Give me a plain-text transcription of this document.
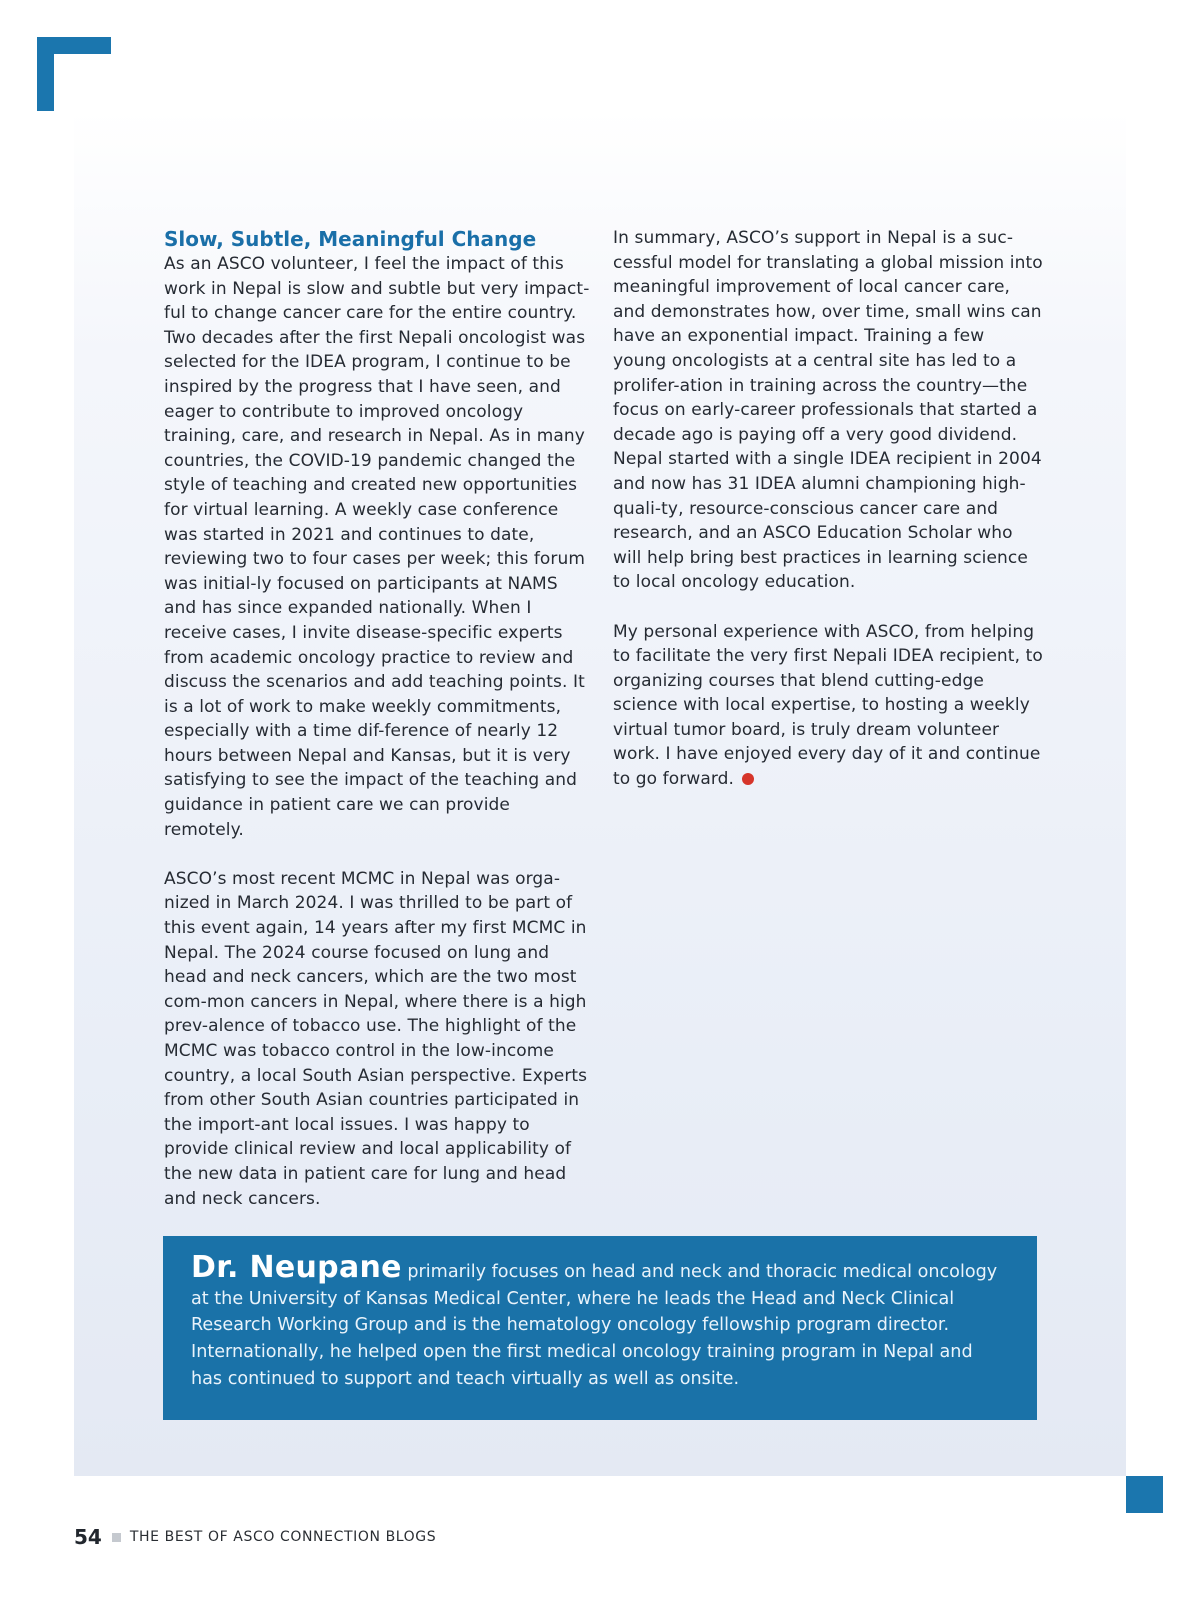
Slow, Subtle, Meaningful Change

As an ASCO volunteer, I feel the impact of this work in Nepal is slow and subtle but very impact-ful to change cancer care for the entire country. Two decades after the first Nepali oncologist was selected for the IDEA program, I continue to be inspired by the progress that I have seen, and eager to contribute to improved oncology training, care, and research in Nepal. As in many countries, the COVID-19 pandemic changed the style of teaching and created new opportunities for virtual learning. A weekly case conference was started in 2021 and continues to date, reviewing two to four cases per week; this forum was initial-ly focused on participants at NAMS and has since expanded nationally. When I receive cases, I invite disease-specific experts from academic oncology practice to review and discuss the scenarios and add teaching points. It is a lot of work to make weekly commitments, especially with a time dif-ference of nearly 12 hours between Nepal and Kansas, but it is very satisfying to see the impact of the teaching and guidance in patient care we can provide remotely.

ASCO’s most recent MCMC in Nepal was orga-nized in March 2024. I was thrilled to be part of this event again, 14 years after my first MCMC in Nepal. The 2024 course focused on lung and head and neck cancers, which are the two most com-mon cancers in Nepal, where there is a high prev-alence of tobacco use. The highlight of the MCMC was tobacco control in the low-income country, a local South Asian perspective. Experts from other South Asian countries participated in the import-ant local issues. I was happy to provide clinical review and local applicability of the new data in patient care for lung and head and neck cancers.

In summary, ASCO’s support in Nepal is a suc-cessful model for translating a global mission into meaningful improvement of local cancer care, and demonstrates how, over time, small wins can have an exponential impact. Training a few young oncologists at a central site has led to a prolifer-ation in training across the country—the focus on early-career professionals that started a decade ago is paying off a very good dividend. Nepal started with a single IDEA recipient in 2004 and now has 31 IDEA alumni championing high-quali-ty, resource-conscious cancer care and research, and an ASCO Education Scholar who will help bring best practices in learning science to local oncology education.

My personal experience with ASCO, from helping to facilitate the very first Nepali IDEA recipient, to organizing courses that blend cutting-edge science with local expertise, to hosting a weekly virtual tumor board, is truly dream volunteer work. I have enjoyed every day of it and continue to go forward.

Dr. Neupane primarily focuses on head and neck and thoracic medical oncology at the University of Kansas Medical Center, where he leads the Head and Neck Clinical Research Working Group and is the hematology oncology fellowship program director. Internationally, he helped open the first medical oncology training program in Nepal and has continued to support and teach virtually as well as onsite.
54 THE BEST OF ASCO CONNECTION BLOGS
